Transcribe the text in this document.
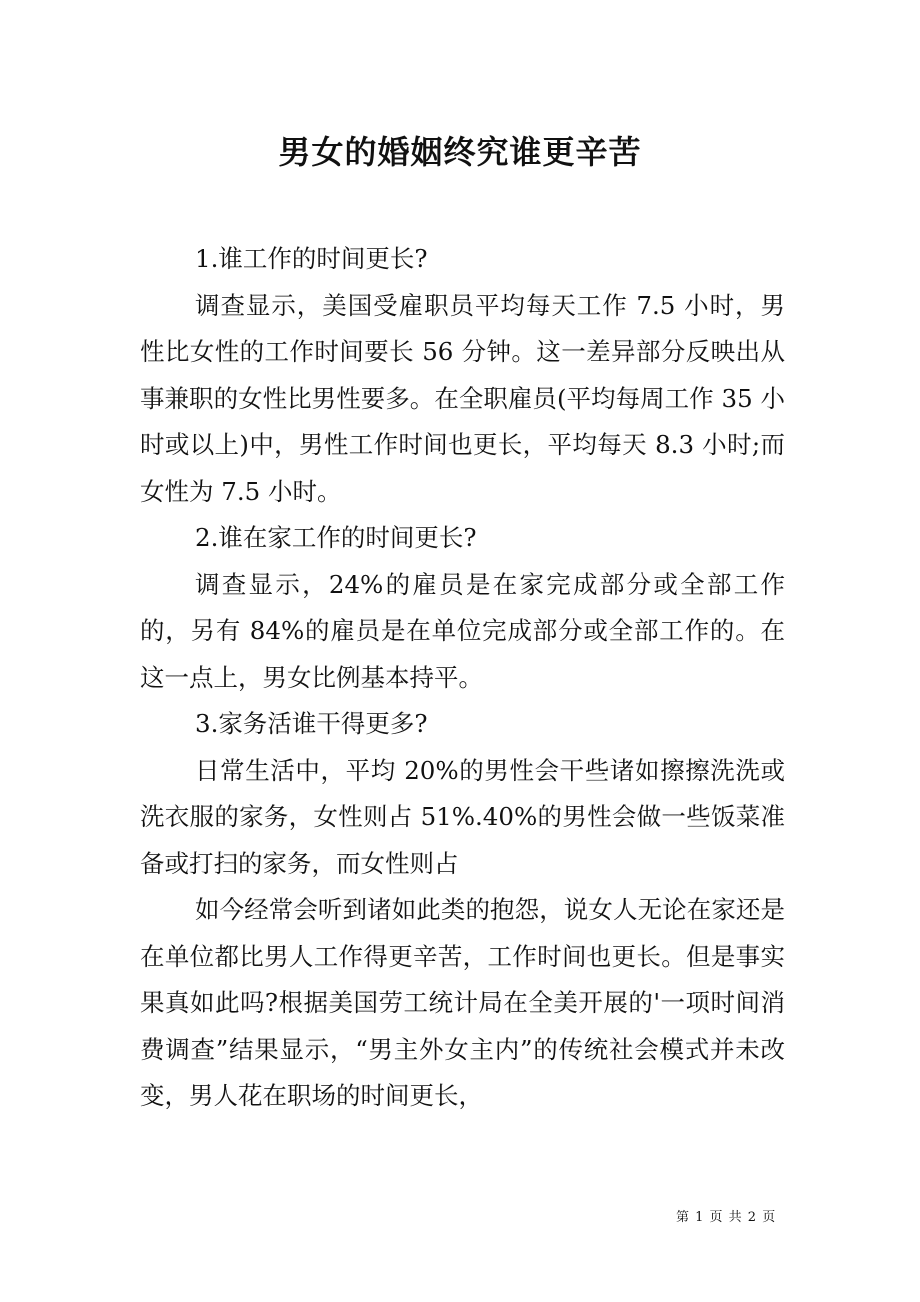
男女的婚姻终究谁更辛苦

1.谁工作的时间更长?

调查显示，美国受雇职员平均每天工作 7.5 小时，男性比女性的工作时间要长 56 分钟。这一差异部分反映出从事兼职的女性比男性要多。在全职雇员(平均每周工作 35 小时或以上)中，男性工作时间也更长，平均每天 8.3 小时;而女性为 7.5 小时。

2.谁在家工作的时间更长?

调查显示，24%的雇员是在家完成部分或全部工作的，另有 84%的雇员是在单位完成部分或全部工作的。在这一点上，男女比例基本持平。

3.家务活谁干得更多?

日常生活中，平均 20%的男性会干些诸如擦擦洗洗或洗衣服的家务，女性则占 51%.40%的男性会做一些饭菜准备或打扫的家务，而女性则占

如今经常会听到诸如此类的抱怨，说女人无论在家还是在单位都比男人工作得更辛苦，工作时间也更长。但是事实果真如此吗?根据美国劳工统计局在全美开展的'一项时间消费调查”结果显示，“男主外女主内”的传统社会模式并未改变，男人花在职场的时间更长，

第 1 页 共 2 页
